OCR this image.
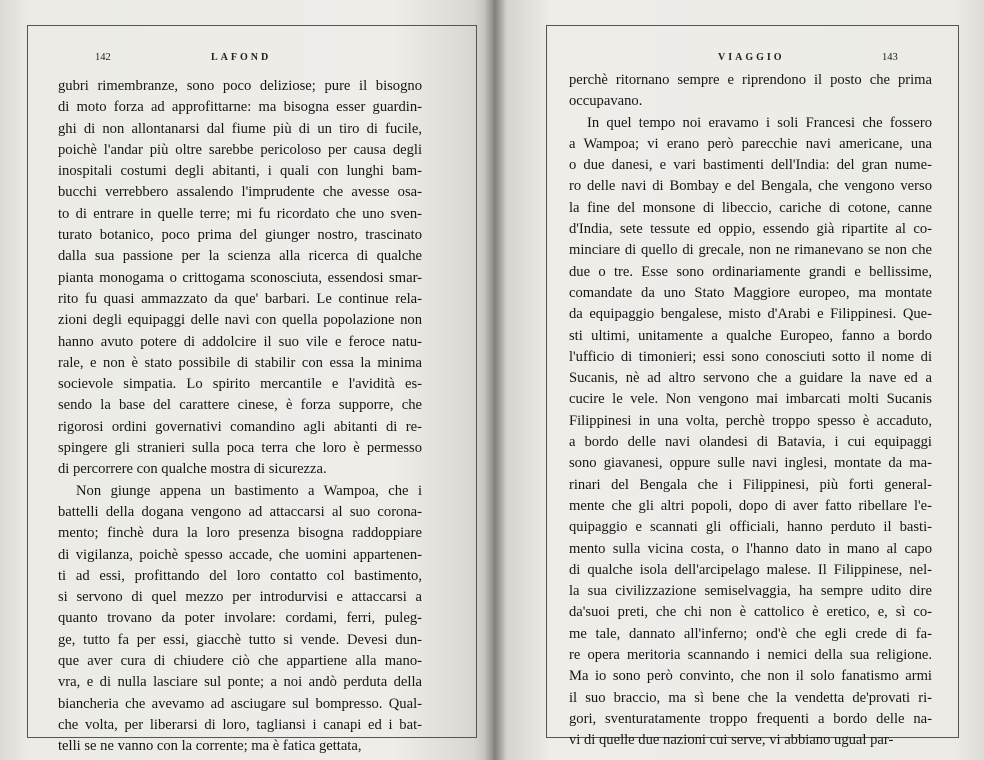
142	LAFOND
gubri rimembranze, sono poco deliziose; pure il bisogno
di moto forza ad approfittarne: ma bisogna esser guardin-
ghi di non allontanarsi dal fiume più di un tiro di fucile,
poichè l'andar più oltre sarebbe pericoloso per causa degli
inospitali costumi degli abitanti, i quali con lunghi bam-
bucchi verrebbero assalendo l'imprudente che avesse osa-
to di entrare in quelle terre; mi fu ricordato che uno sven-
turato botanico, poco prima del giunger nostro, trascinato
dalla sua passione per la scienza alla ricerca di qualche
pianta monogama o crittogama sconosciuta, essendosi smar-
rito fu quasi ammazzato da que' barbari. Le continue rela-
zioni degli equipaggi delle navi con quella popolazione non
hanno avuto potere di addolcire il suo vile e feroce natu-
rale, e non è stato possibile di stabilir con essa la minima
socievole simpatia. Lo spirito mercantile e l'avidità es-
sendo la base del carattere cinese, è forza supporre, che
rigorosi ordini governativi comandino agli abitanti di re-
spingere gli stranieri sulla poca terra che loro è permesso
di percorrere con qualche mostra di sicurezza.
Non giunge appena un bastimento a Wampoa, che i
battelli della dogana vengono ad attaccarsi al suo corona-
mento; finchè dura la loro presenza bisogna raddoppiare
di vigilanza, poichè spesso accade, che uomini appartenen-
ti ad essi, profittando del loro contatto col bastimento,
si servono di quel mezzo per introdurvisi e attaccarsi a
quanto trovano da poter involare: cordami, ferri, puleg-
ge, tutto fa per essi, giacchè tutto si vende. Devesi dun-
que aver cura di chiudere ciò che appartiene alla mano-
vra, e di nulla lasciare sul ponte; a noi andò perduta della
biancheria che avevamo ad asciugare sul bompresso. Qual-
che volta, per liberarsi di loro, tagliansi i canapi ed i bat-
telli se ne vanno con la corrente; ma è fatica gettata,
VIAGGIO	143
perchè ritornano sempre e riprendono il posto che prima
occupavano.
In quel tempo noi eravamo i soli Francesi che fossero
a Wampoa; vi erano però parecchie navi americane, una
o due danesi, e vari bastimenti dell'India: del gran nume-
ro delle navi di Bombay e del Bengala, che vengono verso
la fine del monsone di libeccio, cariche di cotone, canne
d'India, sete tessute ed oppio, essendo già ripartite al co-
minciare di quello di grecale, non ne rimanevano se non che
due o tre. Esse sono ordinariamente grandi e bellissime,
comandate da uno Stato Maggiore europeo, ma montate
da equipaggio bengalese, misto d'Arabi e Filippinesi. Que-
sti ultimi, unitamente a qualche Europeo, fanno a bordo
l'ufficio di timonieri; essi sono conosciuti sotto il nome di
Sucanis, nè ad altro servono che a guidare la nave ed a
cucire le vele. Non vengono mai imbarcati molti Sucanis
Filippinesi in una volta, perchè troppo spesso è accaduto,
a bordo delle navi olandesi di Batavia, i cui equipaggi
sono giavanesi, oppure sulle navi inglesi, montate da ma-
rinari del Bengala che i Filippinesi, più forti general-
mente che gli altri popoli, dopo di aver fatto ribellare l'e-
quipaggio e scannati gli officiali, hanno perduto il basti-
mento sulla vicina costa, o l'hanno dato in mano al capo
di qualche isola dell'arcipelago malese. Il Filippinese, nel-
la sua civilizzazione semiselvaggia, ha sempre udito dire
da'suoi preti, che chi non è cattolico è eretico, e, sì co-
me tale, dannato all'inferno; ond'è che egli crede di fa-
re opera meritoria scannando i nemici della sua religione.
Ma io sono però convinto, che non il solo fanatismo armi
il suo braccio, ma sì bene che la vendetta de'provati ri-
gori, sventuratamente troppo frequenti a bordo delle na-
vi di quelle due nazioni cui serve, vi abbiano ugual par-
